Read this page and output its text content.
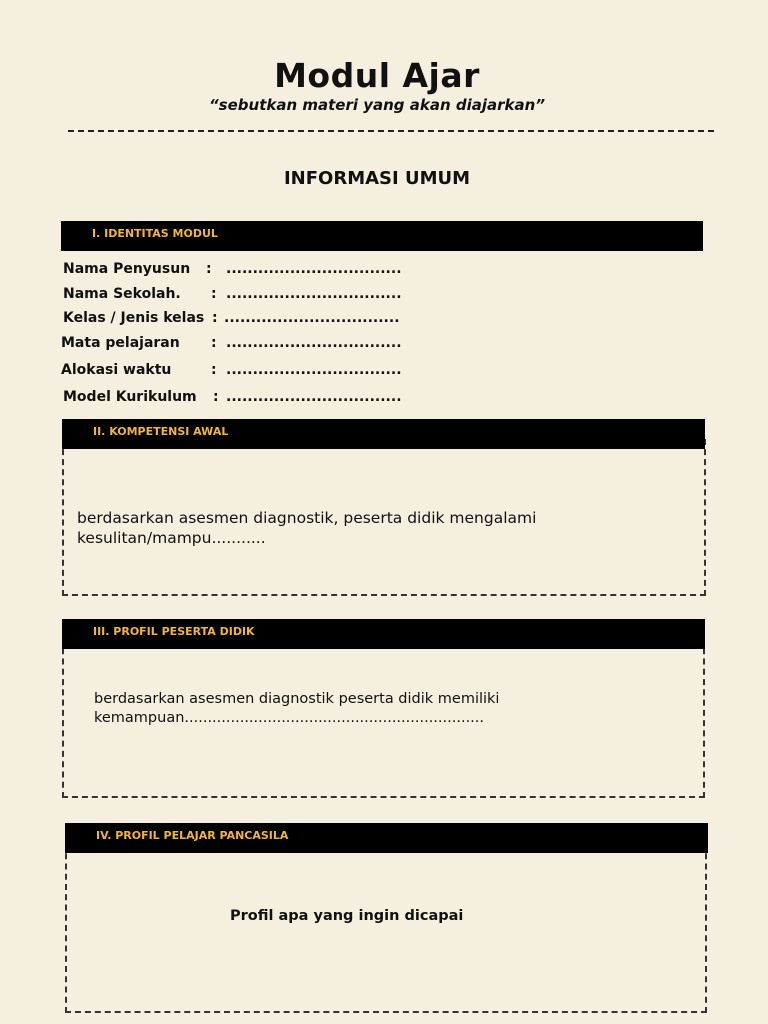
Modul Ajar
“sebutkan materi yang akan diajarkan”
INFORMASI UMUM
I. IDENTITAS MODUL
Nama Penyusun : .................................
Nama Sekolah. : .................................
Kelas / Jenis kelas : .................................
Mata pelajaran : .................................
Alokasi waktu	: .................................
Model Kurikulum : .................................
II. KOMPETENSI AWAL
berdasarkan asesmen diagnostik, peserta didik mengalami
kesulitan/mampu...........
III. PROFIL PESERTA DIDIK
berdasarkan asesmen diagnostik peserta didik memiliki
kemampuan.................................................................
IV. PROFIL PELAJAR PANCASILA
Profil apa yang ingin dicapai
